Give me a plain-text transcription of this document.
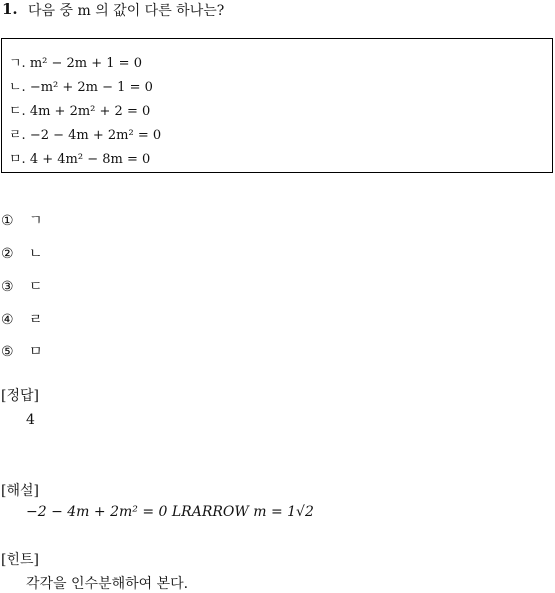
1. 다음 중 m 의 값이 다른 하나는?
ㄱ. m² − 2m + 1 = 0
ㄴ. −m² + 2m − 1 = 0
ㄷ. 4m + 2m² + 2 = 0
ㄹ. −2 − 4m + 2m² = 0
ㅁ. 4 + 4m² − 8m = 0
① ㄱ
② ㄴ
③ ㄷ
④ ㄹ
⑤ ㅁ
[정답]
4
[해설]
−2 − 4m + 2m² = 0 LRARROW m = 1√2
[힌트]
각각을 인수분해하여 본다.
